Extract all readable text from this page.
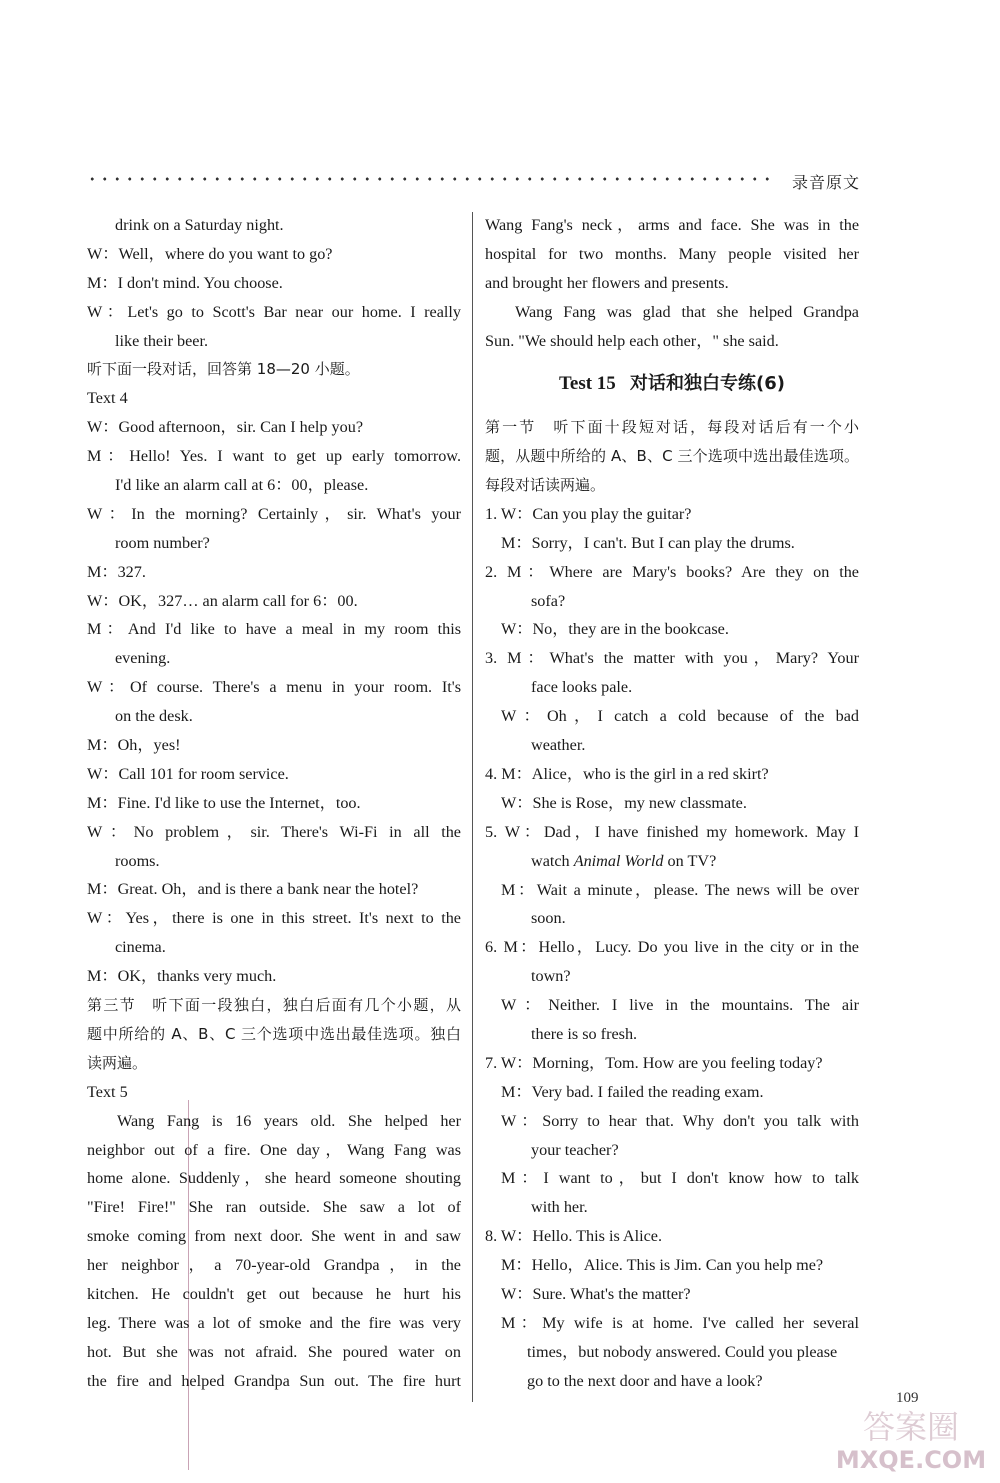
录音原文
drink on a Saturday night.
W：Well，where do you want to go?
M：I don't mind. You choose.
W：Let's go to Scott's Bar near our home. I really
like their beer.
听下面一段对话，回答第 18—20 小题。
Text 4
W：Good afternoon，sir. Can I help you?
M：Hello! Yes. I want to get up early tomorrow.
I'd like an alarm call at 6：00，please.
W：In the morning? Certainly，sir. What's your
room number?
M：327.
W：OK，327… an alarm call for 6：00.
M：And I'd like to have a meal in my room this
evening.
W：Of course. There's a menu in your room. It's
on the desk.
M：Oh，yes!
W：Call 101 for room service.
M：Fine. I'd like to use the Internet，too.
W：No problem，sir. There's Wi-Fi in all the
rooms.
M：Great. Oh，and is there a bank near the hotel?
W：Yes，there is one in this street. It's next to the
cinema.
M：OK，thanks very much.
第三节　听下面一段独白，独白后面有几个小题，从
题中所给的 A、B、C 三个选项中选出最佳选项。独白
读两遍。
Text 5
Wang Fang is 16 years old. She helped her
neighbor out of a fire. One day，Wang Fang was
home alone. Suddenly，she heard someone shouting
"Fire! Fire!" She ran outside. She saw a lot of
smoke coming from next door. She went in and saw
her neighbor，a 70-year-old Grandpa，in the
kitchen. He couldn't get out because he hurt his
leg. There was a lot of smoke and the fire was very
hot. But she was not afraid. She poured water on
the fire and helped Grandpa Sun out. The fire hurt
Wang Fang's neck，arms and face. She was in the
hospital for two months. Many people visited her
and brought her flowers and presents.
Wang Fang was glad that she helped Grandpa
Sun. "We should help each other，" she said.
Test 15 对话和独白专练(6)
第一节　听下面十段短对话，每段对话后有一个小
题，从题中所给的 A、B、C 三个选项中选出最佳选项。
每段对话读两遍。
1. W：Can you play the guitar?
M：Sorry，I can't. But I can play the drums.
2. M：Where are Mary's books? Are they on the
sofa?
W：No，they are in the bookcase.
3. M：What's the matter with you，Mary? Your
face looks pale.
W：Oh，I catch a cold because of the bad
weather.
4. M：Alice，who is the girl in a red skirt?
W：She is Rose，my new classmate.
5. W：Dad，I have finished my homework. May I
watch Animal World on TV?
M：Wait a minute，please. The news will be over
soon.
6. M：Hello，Lucy. Do you live in the city or in the
town?
W：Neither. I live in the mountains. The air
there is so fresh.
7. W：Morning，Tom. How are you feeling today?
M：Very bad. I failed the reading exam.
W：Sorry to hear that. Why don't you talk with
your teacher?
M：I want to，but I don't know how to talk
with her.
8. W：Hello. This is Alice.
M：Hello，Alice. This is Jim. Can you help me?
W：Sure. What's the matter?
M：My wife is at home. I've called her several
times，but nobody answered. Could you please
go to the next door and have a look?
109
答案圈
MXQE.COM
